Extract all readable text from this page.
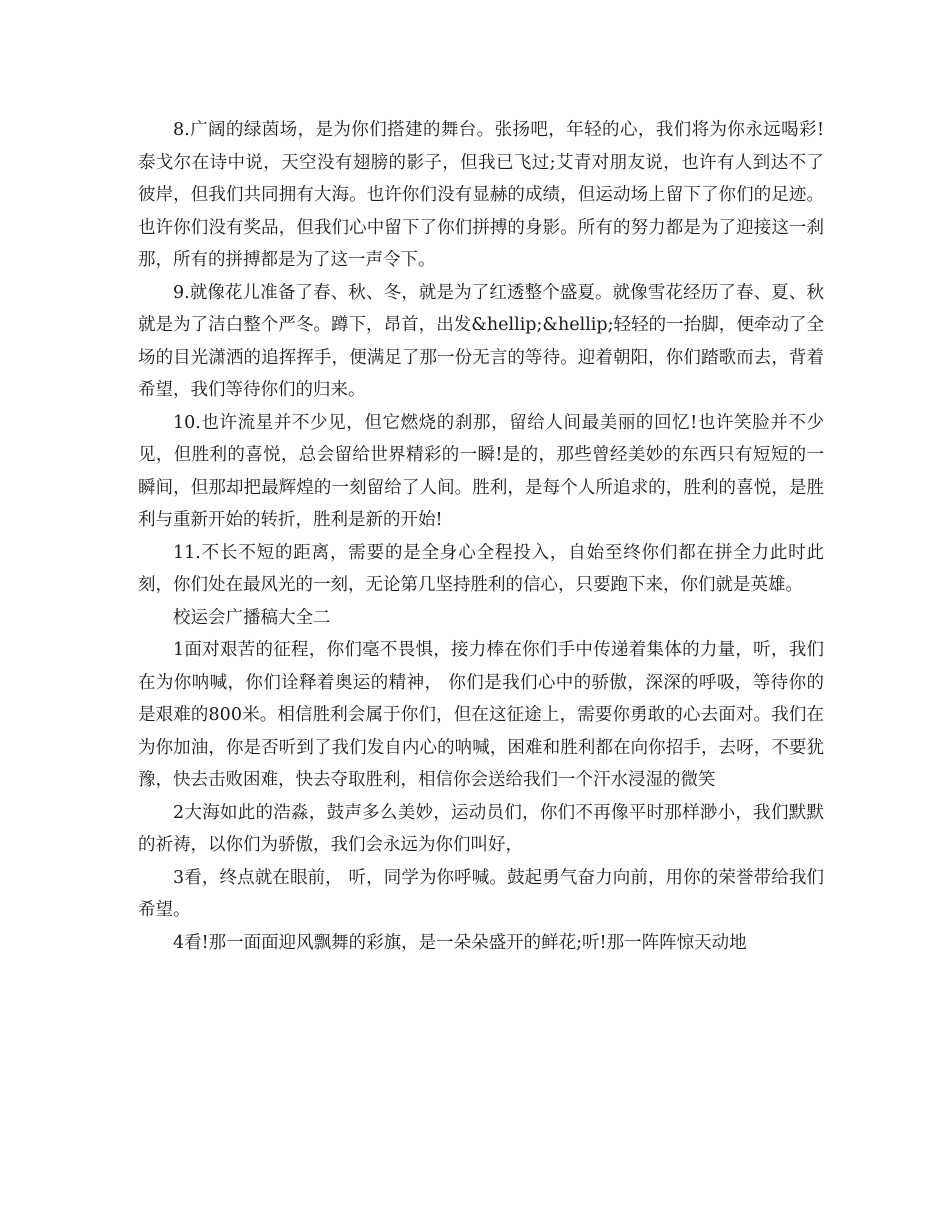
8.广阔的绿茵场，是为你们搭建的舞台。张扬吧，年轻的心，我们将为你永远喝彩!泰戈尔在诗中说，天空没有翅膀的影子，但我已飞过;艾青对朋友说，也许有人到达不了彼岸，但我们共同拥有大海。也许你们没有显赫的成绩，但运动场上留下了你们的足迹。也许你们没有奖品，但我们心中留下了你们拼搏的身影。所有的努力都是为了迎接这一刹那，所有的拼搏都是为了这一声令下。

9.就像花儿准备了春、秋、冬，就是为了红透整个盛夏。就像雪花经历了春、夏、秋就是为了洁白整个严冬。蹲下，昂首，出发&hellip;&hellip;轻轻的一抬脚，便牵动了全场的目光潇洒的追挥挥手，便满足了那一份无言的等待。迎着朝阳，你们踏歌而去，背着希望，我们等待你们的归来。

10.也许流星并不少见，但它燃烧的刹那，留给人间最美丽的回忆!也许笑脸并不少见，但胜利的喜悦，总会留给世界精彩的一瞬!是的，那些曾经美妙的东西只有短短的一瞬间，但那却把最辉煌的一刻留给了人间。胜利，是每个人所追求的，胜利的喜悦，是胜利与重新开始的转折，胜利是新的开始!

11.不长不短的距离，需要的是全身心全程投入，自始至终你们都在拼全力此时此刻，你们处在最风光的一刻，无论第几坚持胜利的信心，只要跑下来，你们就是英雄。

校运会广播稿大全二

1面对艰苦的征程，你们毫不畏惧，接力棒在你们手中传递着集体的力量，听，我们在为你呐喊，你们诠释着奥运的精神， 你们是我们心中的骄傲，深深的呼吸，等待你的是艰难的800米。相信胜利会属于你们，但在这征途上，需要你勇敢的心去面对。我们在为你加油，你是否听到了我们发自内心的呐喊，困难和胜利都在向你招手，去呀，不要犹豫，快去击败困难，快去夺取胜利，相信你会送给我们一个汗水浸湿的微笑

2大海如此的浩淼，鼓声多么美妙，运动员们，你们不再像平时那样渺小，我们默默的祈祷，以你们为骄傲，我们会永远为你们叫好，

3看，终点就在眼前， 听，同学为你呼喊。鼓起勇气奋力向前，用你的荣誉带给我们希望。

4看!那一面面迎风飘舞的彩旗，是一朵朵盛开的鲜花;听!那一阵阵惊天动地
